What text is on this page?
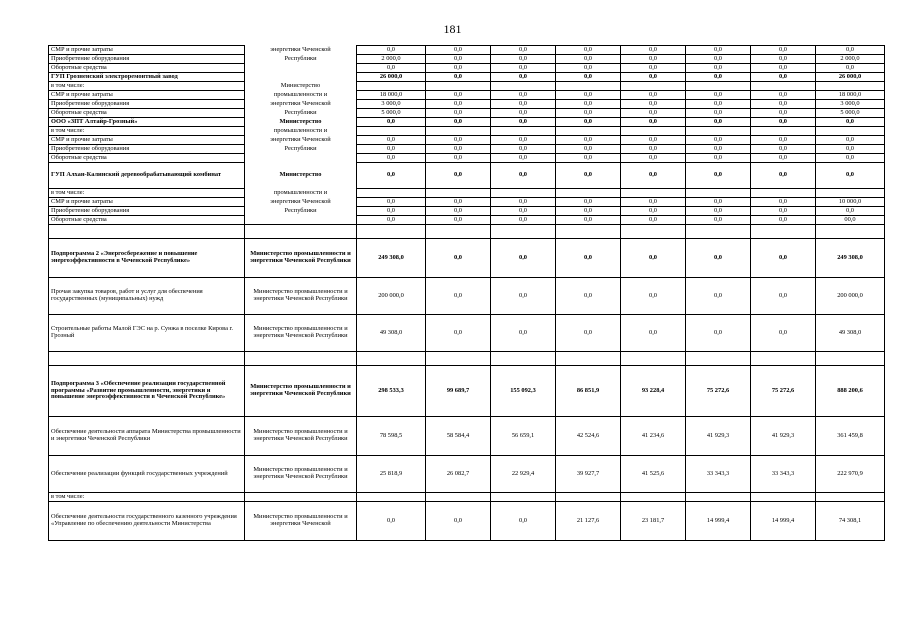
181
СМР и прочие затраты	энергетики Чеченской	0,0	0,0	0,0	0,0	0,0	0,0	0,0	0,0
Приобретение оборудования	Республики	2 000,0	0,0	0,0	0,0	0,0	0,0	0,0	2 000,0
Оборотные средства		0,0	0,0	0,0	0,0	0,0	0,0	0,0	0,0
ГУП Грозненский электроремонтный завод		26 000,0	0,0	0,0	0,0	0,0	0,0	0,0	26 000,0
в том числе:	Министерство								
СМР и прочие затраты	промышленности и	18 000,0	0,0	0,0	0,0	0,0	0,0	0,0	18 000,0
Приобретение оборудования	энергетики Чеченской	3 000,0	0,0	0,0	0,0	0,0	0,0	0,0	3 000,0
Оборотные средства	Республики	5 000,0	0,0	0,0	0,0	0,0	0,0	0,0	5 000,0
ООО «ЗПТ Алтайр-Грозный»	Министерство	0,0	0,0	0,0	0,0	0,0	0,0	0,0	0,0
в том числе:	промышленности и								
СМР и прочие затраты	энергетики Чеченской	0,0	0,0	0,0	0,0	0,0	0,0	0,0	0,0
Приобретение оборудования	Республики	0,0	0,0	0,0	0,0	0,0	0,0	0,0	0,0
Оборотные средства		0,0	0,0	0,0	0,0	0,0	0,0	0,0	0,0
ГУП Алхан-Калинский деревообрабатывающий комбинат	Министерство	0,0	0,0	0,0	0,0	0,0	0,0	0,0	0,0
в том числе:	промышленности и								
СМР и прочие затраты	энергетики Чеченской	0,0	0,0	0,0	0,0	0,0	0,0	0,0	10 000,0
Приобретение оборудования	Республики	0,0	0,0	0,0	0,0	0,0	0,0	0,0	0,0
Оборотные средства		0,0	0,0	0,0	0,0	0,0	0,0	0,0	00,0

Подпрограмма 2 «Энергосбережение и повышение энергоэффективности в Чеченской Республике»	Министерство промышленности и энергетики Чеченской Республики	249 308,0	0,0	0,0	0,0	0,0	0,0	0,0	249 308,0
Прочая закупка товаров, работ и услуг для обеспечения государственных (муниципальных) нужд	Министерство промышленности и энергетики Чеченской Республики	200 000,0	0,0	0,0	0,0	0,0	0,0	0,0	200 000,0
Строительные работы Малой ГЭС на р. Сунжа в поселке Кирова г. Грозный	Министерство промышленности и энергетики Чеченской Республики	49 308,0	0,0	0,0	0,0	0,0	0,0	0,0	49 308,0

Подпрограмма 3 «Обеспечение реализации государственной программы «Развитие промышленности, энергетики и повышение энергоэффективности в Чеченской Республике»	Министерство промышленности и энергетики Чеченской Республики	298 533,3	99 689,7	155 092,3	86 851,9	93 228,4	75 272,6	75 272,6	888 200,6
Обеспечение деятельности аппарата Министерства промышленности и энергетики Чеченской Республики	Министерство промышленности и энергетики Чеченской Республики	78 598,5	58 584,4	56 659,1	42 524,6	41 234,6	41 929,3	41 929,3	361 459,8
Обеспечение реализации функций государственных учреждений	Министерство промышленности и энергетики Чеченской Республики	25 818,9	26 082,7	22 929,4	39 927,7	41 525,6	33 343,3	33 343,3	222 970,9
в том числе:									
Обеспечение деятельности государственного казенного учреждения «Управление по обеспечению деятельности Министерства	Министерство промышленности и энергетики Чеченской	0,0	0,0	0,0	21 127,6	23 181,7	14 999,4	14 999,4	74 308,1
